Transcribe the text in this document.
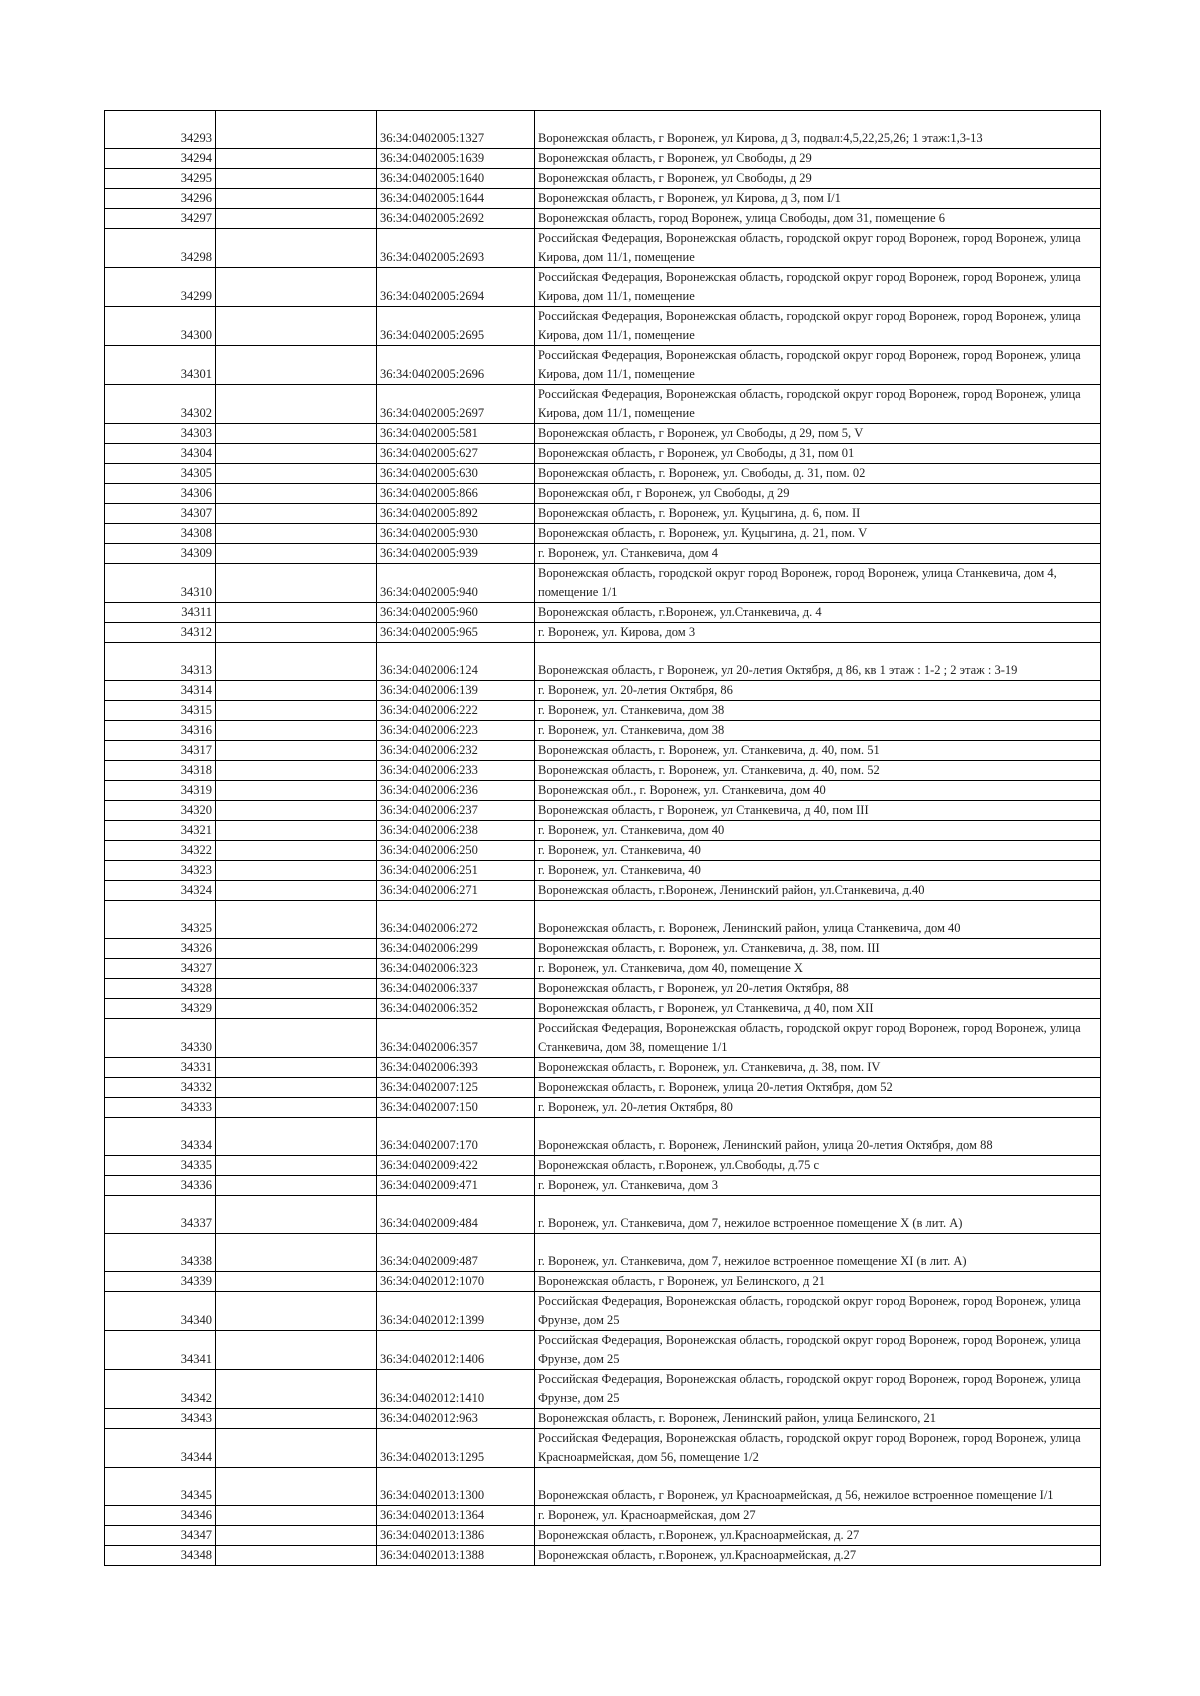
34293		36:34:0402005:1327	Воронежская область, г Воронеж, ул Кирова, д 3, подвал:4,5,22,25,26; 1 этаж:1,3-13
34294		36:34:0402005:1639	Воронежская область, г Воронеж, ул Свободы, д 29
34295		36:34:0402005:1640	Воронежская область, г Воронеж, ул Свободы, д 29
34296		36:34:0402005:1644	Воронежская область, г Воронеж, ул Кирова, д 3, пом I/1
34297		36:34:0402005:2692	Воронежская область, город Воронеж, улица Свободы, дом 31, помещение 6
34298		36:34:0402005:2693	Российская Федерация, Воронежская область, городской округ город Воронеж, город Воронеж, улица Кирова, дом 11/1, помещение
34299		36:34:0402005:2694	Российская Федерация, Воронежская область, городской округ город Воронеж, город Воронеж, улица Кирова, дом 11/1, помещение
34300		36:34:0402005:2695	Российская Федерация, Воронежская область, городской округ город Воронеж, город Воронеж, улица Кирова, дом 11/1, помещение
34301		36:34:0402005:2696	Российская Федерация, Воронежская область, городской округ город Воронеж, город Воронеж, улица Кирова, дом 11/1, помещение
34302		36:34:0402005:2697	Российская Федерация, Воронежская область, городской округ город Воронеж, город Воронеж, улица Кирова, дом 11/1, помещение
34303		36:34:0402005:581	Воронежская область, г Воронеж, ул Свободы, д 29, пом 5, V
34304		36:34:0402005:627	Воронежская область, г Воронеж, ул Свободы, д 31, пом 01
34305		36:34:0402005:630	Воронежская область, г. Воронеж, ул. Свободы, д. 31, пом. 02
34306		36:34:0402005:866	Воронежская обл, г Воронеж, ул Свободы, д 29
34307		36:34:0402005:892	Воронежская область, г. Воронеж, ул. Куцыгина, д. 6, пом. II
34308		36:34:0402005:930	Воронежская область, г. Воронеж, ул. Куцыгина, д. 21, пом. V
34309		36:34:0402005:939	г. Воронеж, ул. Станкевича, дом 4
34310		36:34:0402005:940	Воронежская область, городской округ город Воронеж, город Воронеж, улица Станкевича, дом 4, помещение 1/1
34311		36:34:0402005:960	Воронежская область, г.Воронеж, ул.Станкевича, д. 4
34312		36:34:0402005:965	г. Воронеж, ул. Кирова, дом 3
34313		36:34:0402006:124	Воронежская область, г Воронеж, ул 20-летия Октября, д 86, кв 1 этаж : 1-2 ; 2 этаж : 3-19
34314		36:34:0402006:139	г. Воронеж, ул. 20-летия Октября, 86
34315		36:34:0402006:222	г. Воронеж, ул. Станкевича, дом 38
34316		36:34:0402006:223	г. Воронеж, ул. Станкевича, дом 38
34317		36:34:0402006:232	Воронежская область, г. Воронеж, ул. Станкевича, д. 40, пом. 51
34318		36:34:0402006:233	Воронежская область, г. Воронеж, ул. Станкевича, д. 40, пом. 52
34319		36:34:0402006:236	Воронежская обл., г. Воронеж, ул. Станкевича, дом 40
34320		36:34:0402006:237	Воронежская область, г Воронеж, ул Станкевича, д 40, пом III
34321		36:34:0402006:238	г. Воронеж, ул. Станкевича, дом 40
34322		36:34:0402006:250	г. Воронеж, ул. Станкевича, 40
34323		36:34:0402006:251	г. Воронеж, ул. Станкевича, 40
34324		36:34:0402006:271	Воронежская область, г.Воронеж, Ленинский район, ул.Станкевича, д.40
34325		36:34:0402006:272	Воронежская область, г. Воронеж, Ленинский район, улица Станкевича, дом 40
34326		36:34:0402006:299	Воронежская область, г. Воронеж, ул. Станкевича, д. 38, пом. III
34327		36:34:0402006:323	г. Воронеж, ул. Станкевича, дом 40, помещение X
34328		36:34:0402006:337	Воронежская область, г Воронеж, ул 20-летия Октября, 88
34329		36:34:0402006:352	Воронежская область, г Воронеж, ул Станкевича, д 40, пом XII
34330		36:34:0402006:357	Российская Федерация, Воронежская область, городской округ город Воронеж, город Воронеж, улица Станкевича, дом 38, помещение 1/1
34331		36:34:0402006:393	Воронежская область, г. Воронеж, ул. Станкевича, д. 38, пом. IV
34332		36:34:0402007:125	Воронежская область, г. Воронеж, улица 20-летия Октября, дом 52
34333		36:34:0402007:150	г. Воронеж, ул. 20-летия Октября, 80
34334		36:34:0402007:170	Воронежская область, г. Воронеж, Ленинский район, улица 20-летия Октября, дом 88
34335		36:34:0402009:422	Воронежская область, г.Воронеж, ул.Свободы, д.75 с
34336		36:34:0402009:471	г. Воронеж, ул. Станкевича, дом 3
34337		36:34:0402009:484	г. Воронеж, ул. Станкевича, дом 7, нежилое встроенное помещение X (в лит. А)
34338		36:34:0402009:487	г. Воронеж, ул. Станкевича, дом 7, нежилое встроенное помещение XI (в лит. А)
34339		36:34:0402012:1070	Воронежская область, г Воронеж, ул Белинского, д 21
34340		36:34:0402012:1399	Российская Федерация, Воронежская область, городской округ город Воронеж, город Воронеж, улица Фрунзе, дом 25
34341		36:34:0402012:1406	Российская Федерация, Воронежская область, городской округ город Воронеж, город Воронеж, улица Фрунзе, дом 25
34342		36:34:0402012:1410	Российская Федерация, Воронежская область, городской округ город Воронеж, город Воронеж, улица Фрунзе, дом 25
34343		36:34:0402012:963	Воронежская область, г. Воронеж, Ленинский район, улица Белинского, 21
34344		36:34:0402013:1295	Российская Федерация, Воронежская область, городской округ город Воронеж, город Воронеж, улица Красноармейская, дом 56, помещение 1/2
34345		36:34:0402013:1300	Воронежская область, г Воронеж, ул Красноармейская, д 56, нежилое встроенное помещение I/1
34346		36:34:0402013:1364	г. Воронеж, ул. Красноармейская, дом 27
34347		36:34:0402013:1386	Воронежская область, г.Воронеж, ул.Красноармейская, д. 27
34348		36:34:0402013:1388	Воронежская область, г.Воронеж, ул.Красноармейская, д.27
